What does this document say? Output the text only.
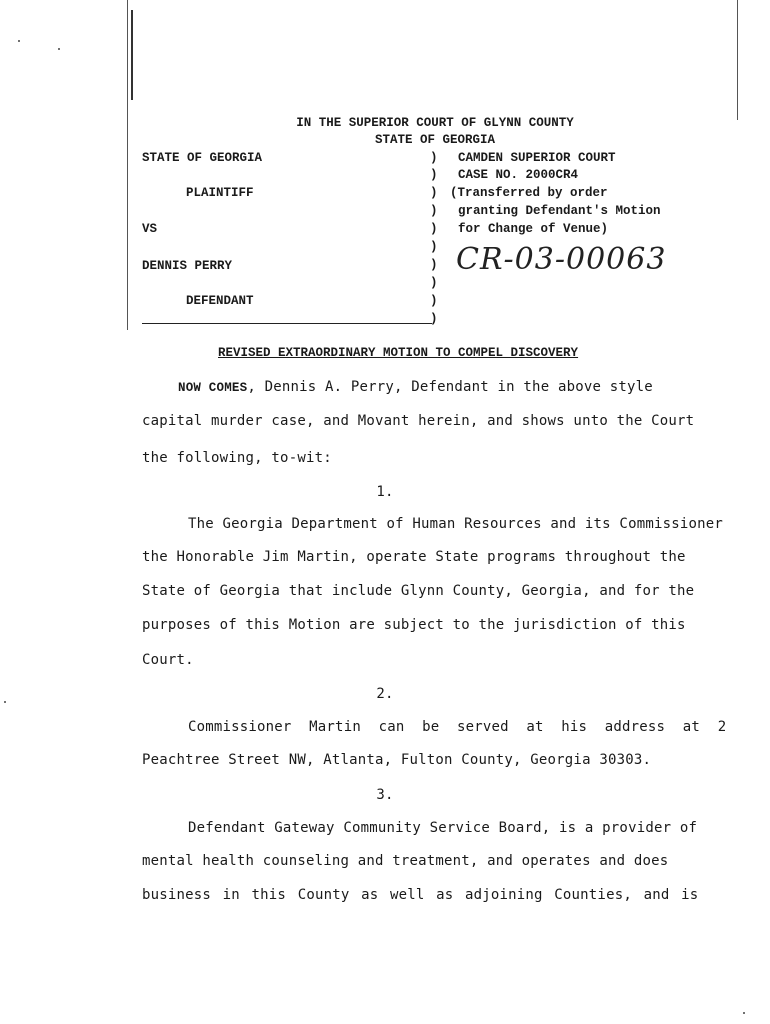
IN THE SUPERIOR COURT OF GLYNN COUNTY
STATE OF GEORGIA
STATE OF GEORGIA
PLAINTIFF
VS
DENNIS PERRY
DEFENDANT
)
)
)
)
)
)
)
)
)
)
CAMDEN SUPERIOR COURT
CASE NO. 2000CR4
(Transferred by order
granting Defendant's Motion
for Change of Venue)
CR-03-00063
REVISED EXTRAORDINARY MOTION TO COMPEL DISCOVERY
NOW COMES, Dennis A. Perry, Defendant in the above style
capital murder case, and Movant herein, and shows unto the Court
the following, to-wit:
1.
The Georgia Department of Human Resources and its Commissioner
the Honorable Jim Martin, operate State programs throughout the
State of Georgia that include Glynn County, Georgia, and for the
purposes of this Motion are subject to the jurisdiction of this
Court.
2.
Commissioner Martin can be served at his address at 2
Peachtree Street NW, Atlanta, Fulton County, Georgia 30303.
3.
Defendant Gateway Community Service Board, is a provider of
mental health counseling and treatment, and operates and does
business in this County as well as adjoining Counties, and is
